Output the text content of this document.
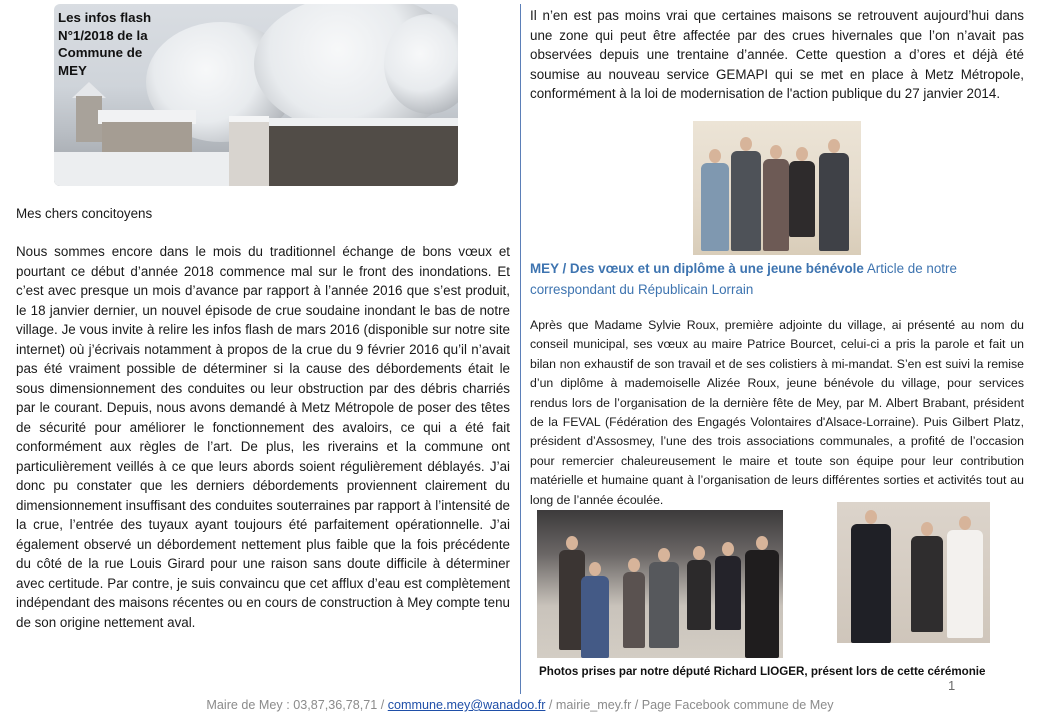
Les infos flash
N°1/2018 de la
Commune de
MEY

Mes chers concitoyens

Nous sommes encore dans le mois du traditionnel échange de bons vœux et pourtant ce début d’année 2018 commence mal sur le front des inondations. Et c’est avec presque un mois d’avance par rapport à l’année 2016 que s’est produit, le 18 janvier dernier, un nouvel épisode de crue soudaine inondant le bas de notre village. Je vous invite à relire les infos flash de mars 2016 (disponible sur notre site internet) où j’écrivais notamment à propos de la crue du 9 février 2016 qu’il n’avait pas été vraiment possible de déterminer si la cause des débordements était le sous dimensionnement des conduites ou leur obstruction par des débris charriés par le courant. Depuis, nous avons demandé à Metz Métropole de poser des têtes de sécurité pour améliorer le fonctionnement des avaloirs, ce qui a été fait conformément aux règles de l’art. De plus, les riverains et la commune ont particulièrement veillés à ce que leurs abords soient régulièrement déblayés. J’ai donc pu constater que les derniers débordements proviennent clairement du dimensionnement insuffisant des conduites souterraines par rapport à l’intensité de la crue, l’entrée des tuyaux ayant toujours été parfaitement opérationnelle. J’ai également observé un débordement nettement plus faible que la fois précédente du côté de la rue Louis Girard pour une raison sans doute difficile à déterminer avec certitude. Par contre, je suis convaincu que cet afflux d’eau est complètement indépendant des maisons récentes ou en cours de construction à Mey compte tenu de son origine nettement aval.

Il n’en est pas moins vrai que certaines maisons se retrouvent aujourd’hui dans une zone qui peut être affectée par des crues hivernales que l’on n’avait pas observées depuis une trentaine d’année. Cette question a d’ores et déjà été soumise au nouveau service GEMAPI qui se met en place à Metz Métropole, conformément à la loi de modernisation de l'action publique du 27 janvier 2014.

MEY / Des vœux et un diplôme à une jeune bénévole Article de notre correspondant du Républicain Lorrain

Après que Madame Sylvie Roux, première adjointe du village, ai présenté au nom du conseil municipal, ses vœux au maire Patrice Bourcet, celui-ci a pris la parole et fait un bilan non exhaustif de son travail et de ses colistiers à mi-mandat. S’en est suivi la remise d’un diplôme à mademoiselle Alizée Roux, jeune bénévole du village, pour services rendus lors de l’organisation de la dernière fête de Mey, par M. Albert Brabant, président de la FEVAL (Fédération des Engagés Volontaires d'Alsace-Lorraine). Puis Gilbert Platz, président d’Assosmey, l’une des trois associations communales, a profité de l’occasion pour remercier chaleureusement le maire et toute son équipe pour leur contribution matérielle et humaine quant à l’organisation de leurs différentes sorties et activités tout au long de l’année écoulée.

Photos prises par notre député Richard LIOGER, présent lors de cette cérémonie
1
Maire de Mey : 03,87,36,78,71 / commune.mey@wanadoo.fr / mairie_mey.fr / Page Facebook commune de Mey
